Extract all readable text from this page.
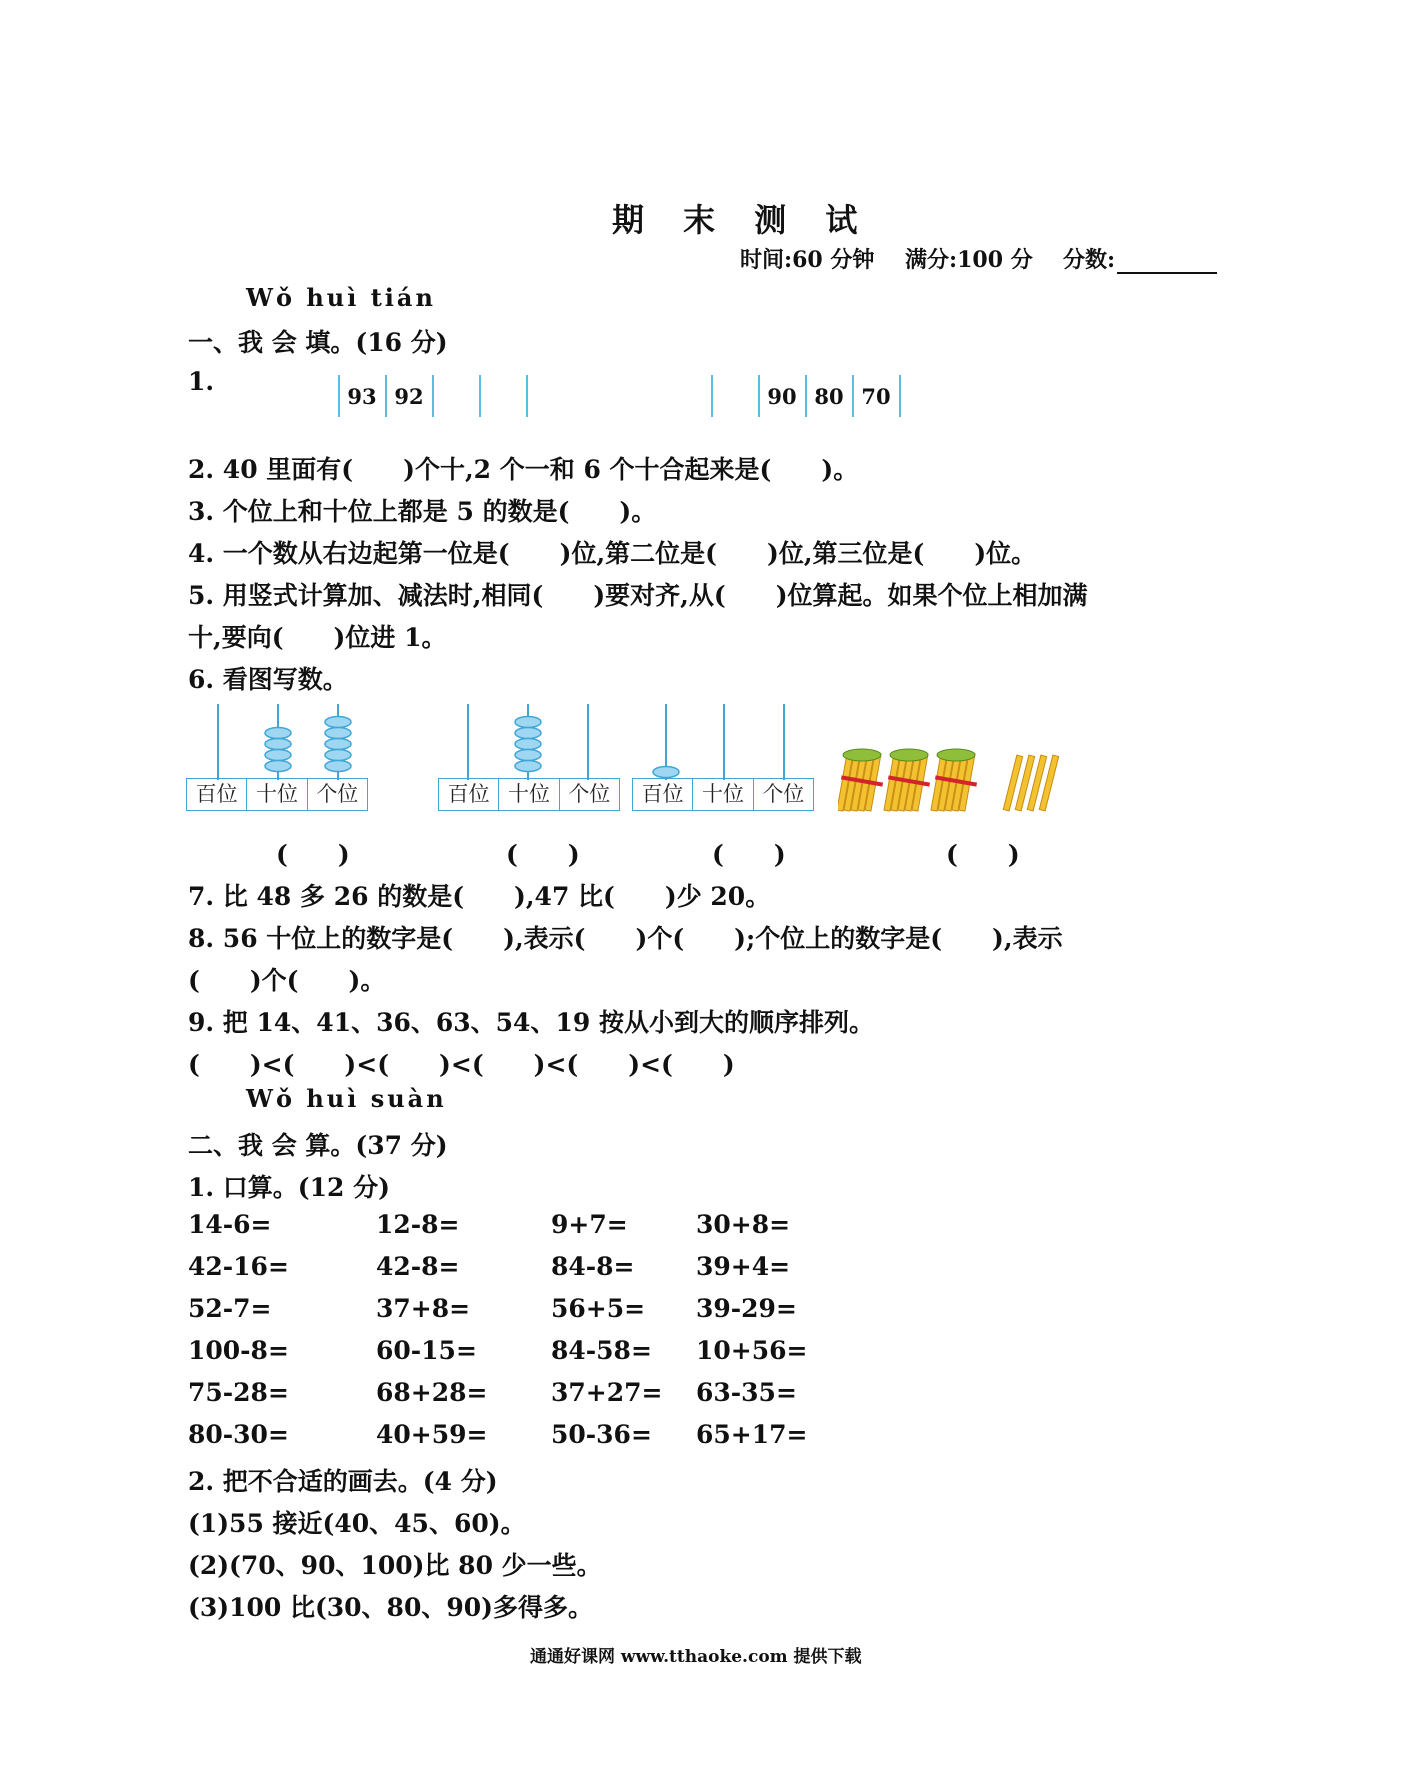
期 末 测 试
时间:60 分钟 满分:100 分 分数:
Wǒ huì tián
一、我 会 填。(16 分)
1.
93 92	90 80 70
2. 40 里面有(　　)个十,2 个一和 6 个十合起来是(　　)。
3. 个位上和十位上都是 5 的数是(　　)。
4. 一个数从右边起第一位是(　　)位,第二位是(　　)位,第三位是(　　)位。
5. 用竖式计算加、减法时,相同(　　)要对齐,从(　　)位算起。如果个位上相加满
十,要向(　　)位进 1。
6. 看图写数。
百位 十位 个位	百位 十位 个位	百位 十位 个位
(　　)	(　　)	(　　)	(　　)
7. 比 48 多 26 的数是(　　),47 比(　　)少 20。
8. 56 十位上的数字是(　　),表示(　　)个(　　);个位上的数字是(　　),表示
(　　)个(　　)。
9. 把 14、41、36、63、54、19 按从小到大的顺序排列。
(　　)<(　　)<(　　)<(　　)<(　　)<(　　)
Wǒ huì suàn
二、我 会 算。(37 分)
1. 口算。(12 分)
14-6=	12-8=	9+7=	30+8=
42-16=	42-8=	84-8= 39+4=
52-7=	37+8=	56+5= 39-29=
100-8=	60-15=	84-58= 10+56=
75-28=	68+28=	37+27= 63-35=
80-30=	40+59=	50-36= 65+17=
2. 把不合适的画去。(4 分)
(1)55 接近(40、45、60)。
(2)(70、90、100)比 80 少一些。
(3)100 比(30、80、90)多得多。
通通好课网 www.tthaoke.com 提供下载
